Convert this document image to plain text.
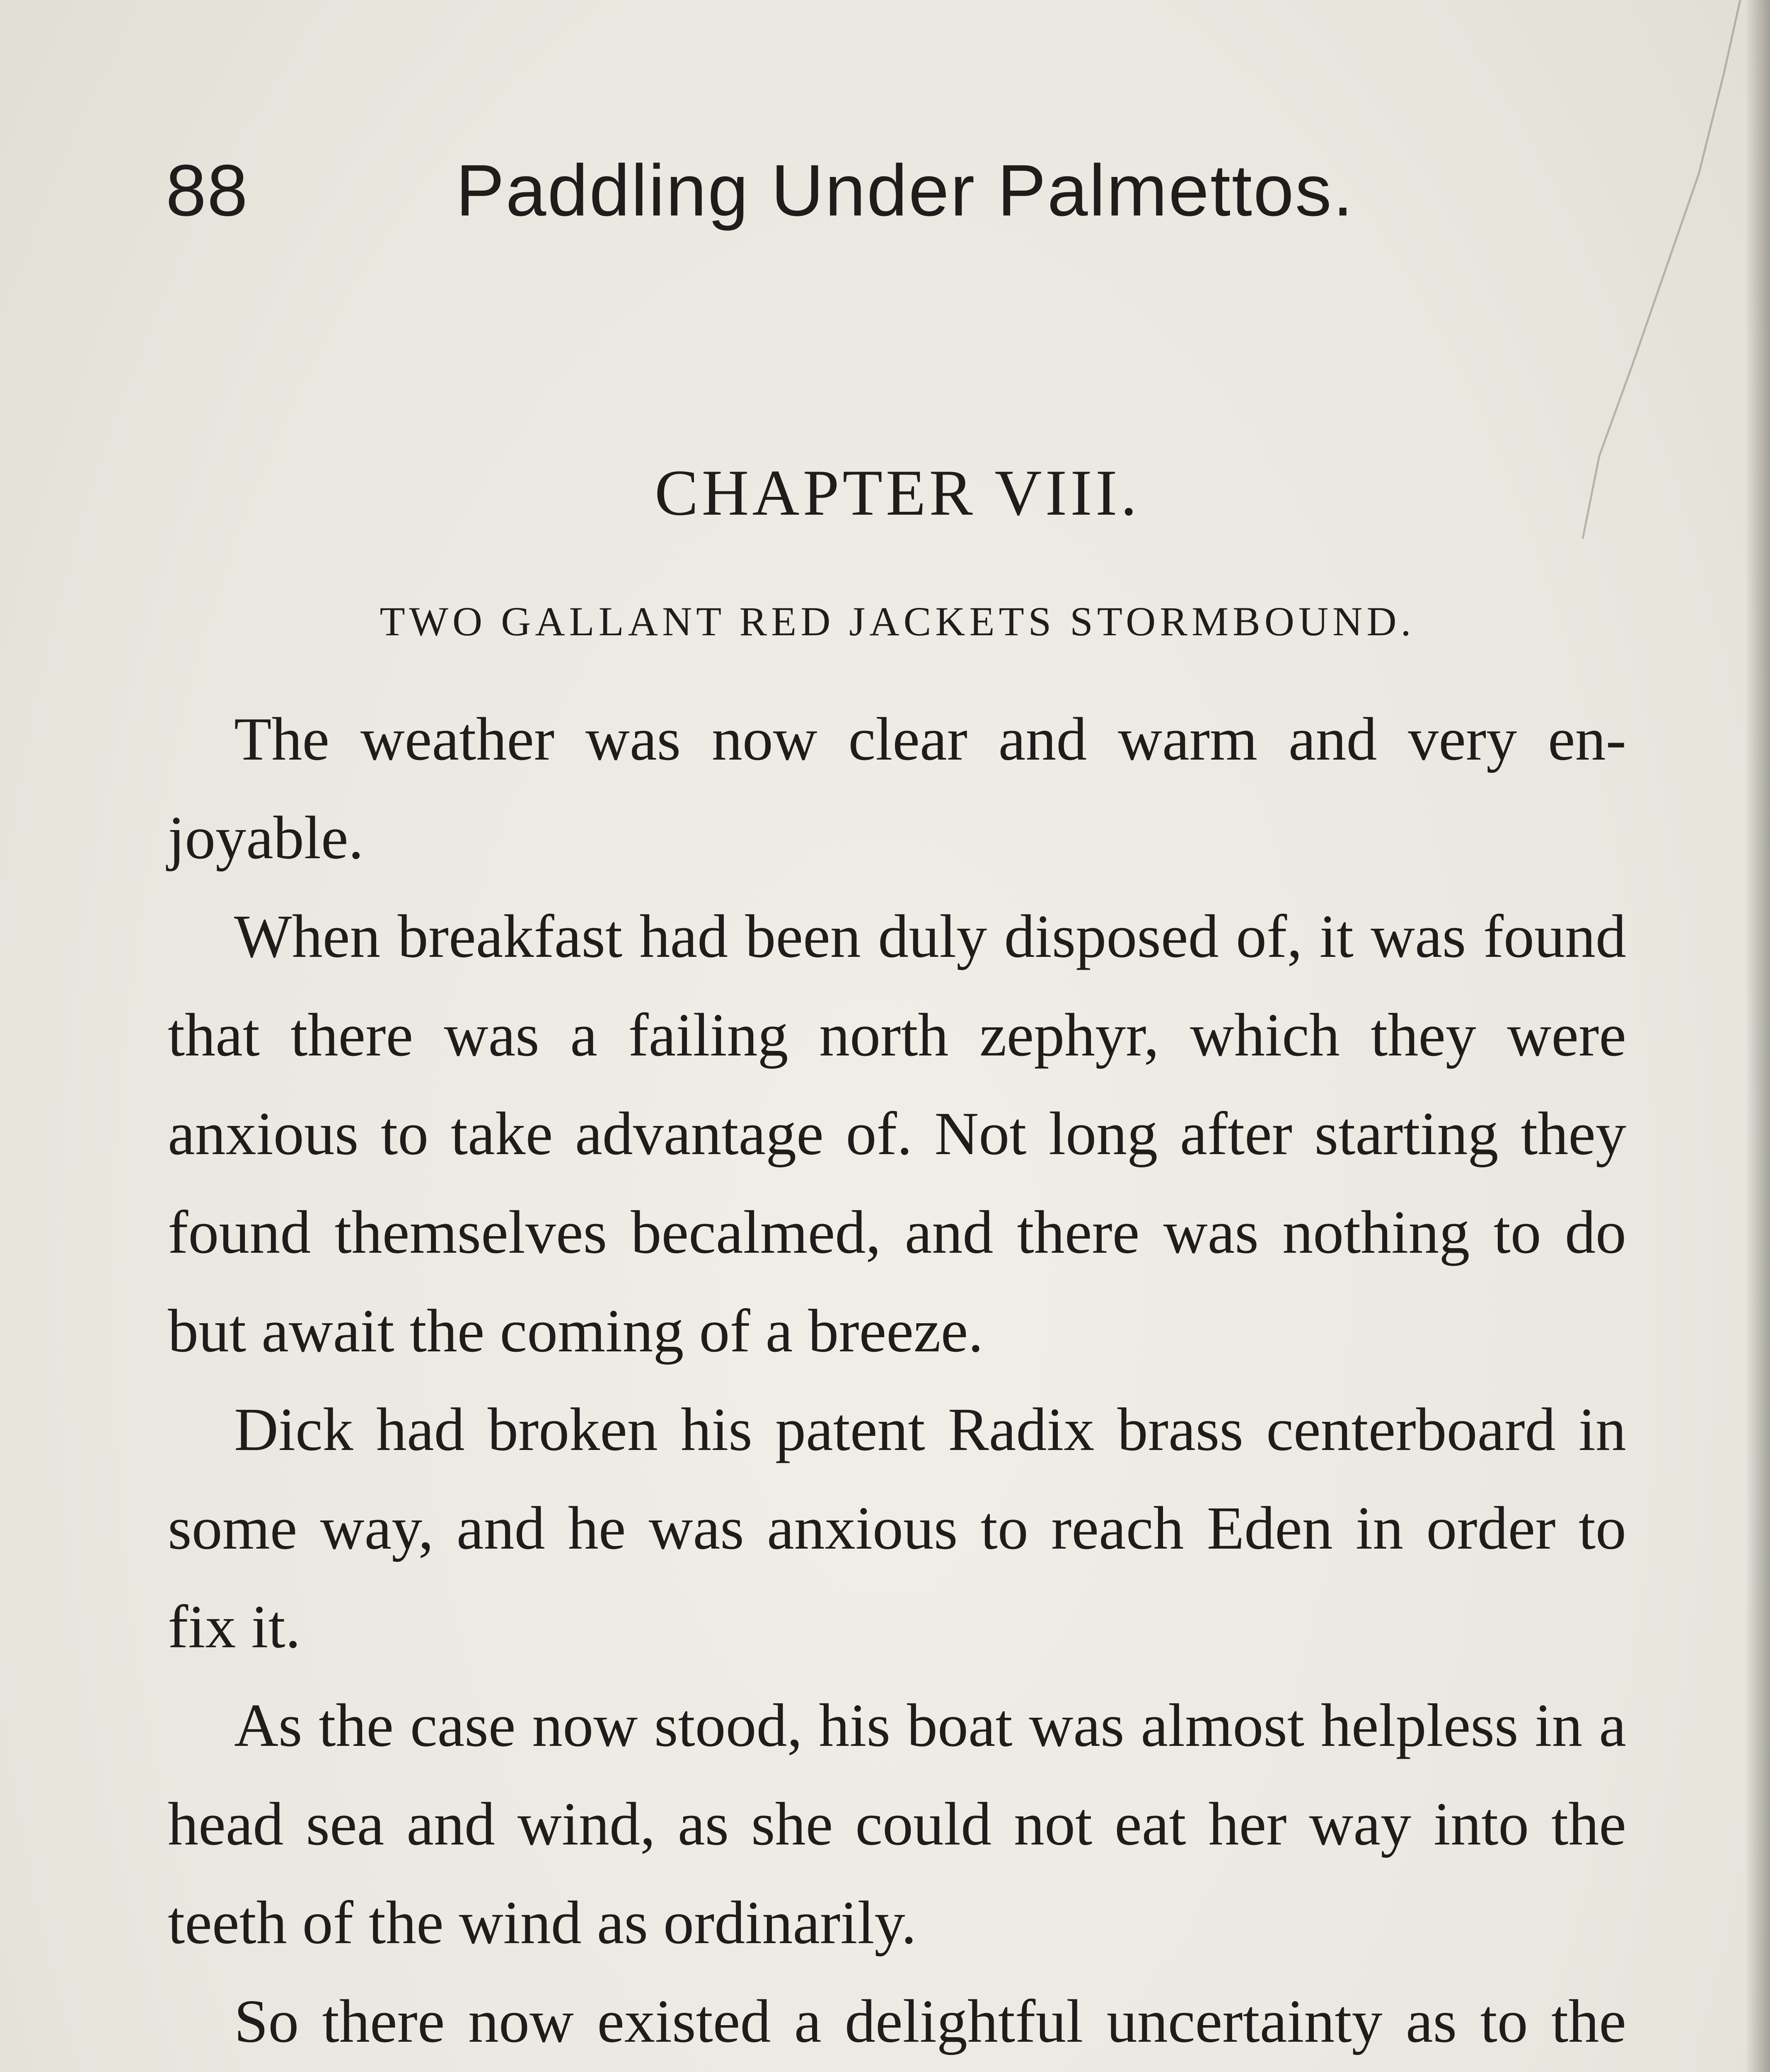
88	Paddling Under Palmettos.
CHAPTER VIII.
TWO GALLANT RED JACKETS STORMBOUND.

The weather was now clear and warm and very enjoyable.

When breakfast had been duly disposed of, it was found that there was a failing north zephyr, which they were anxious to take advantage of. Not long after starting they found themselves becalmed, and there was nothing to do but await the coming of a breeze.

Dick had broken his patent Radix brass centerboard in some way, and he was anxious to reach Eden in order to fix it.

As the case now stood, his boat was almost helpless in a head sea and wind, as she could not eat her way into the teeth of the wind as ordinarily.

So there now existed a delightful uncertainty as to the
